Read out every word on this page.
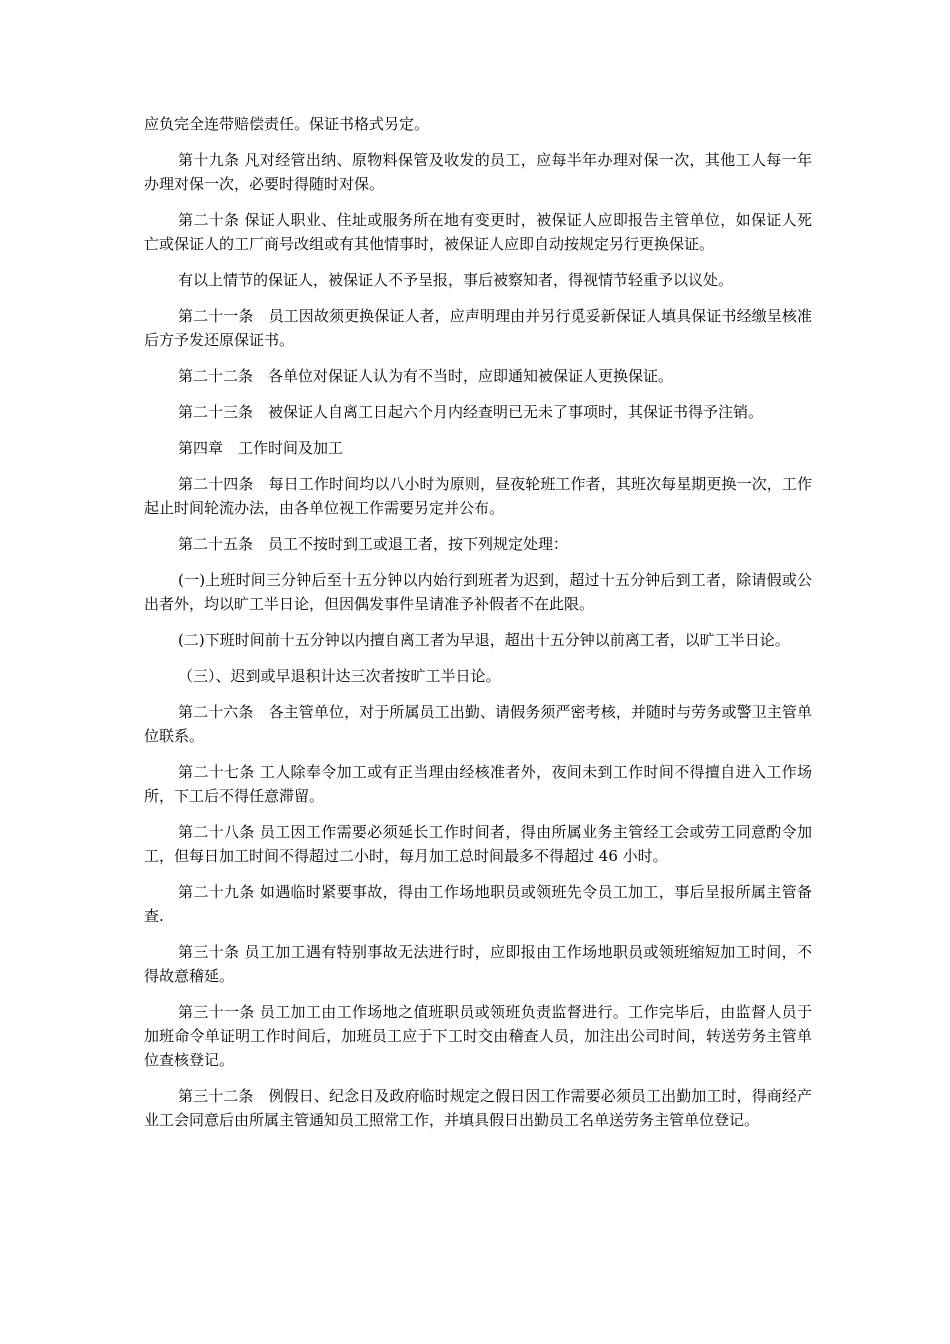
应负完全连带赔偿责任。保证书格式另定。

第十九条 凡对经管出纳、原物料保管及收发的员工，应每半年办理对保一次，其他工人每一年办理对保一次，必要时得随时对保。

第二十条 保证人职业、住址或服务所在地有变更时，被保证人应即报告主管单位，如保证人死亡或保证人的工厂商号改组或有其他情事时，被保证人应即自动按规定另行更换保证。

有以上情节的保证人，被保证人不予呈报，事后被察知者，得视情节轻重予以议处。

第二十一条　员工因故须更换保证人者，应声明理由并另行觅妥新保证人填具保证书经缴呈核准后方予发还原保证书。

第二十二条　各单位对保证人认为有不当时，应即通知被保证人更换保证。

第二十三条　被保证人自离工日起六个月内经查明已无未了事项时，其保证书得予注销。

第四章　工作时间及加工

第二十四条　每日工作时间均以八小时为原则，昼夜轮班工作者，其班次每星期更换一次，工作起止时间轮流办法，由各单位视工作需要另定并公布。

第二十五条　员工不按时到工或退工者，按下列规定处理：

(一)上班时间三分钟后至十五分钟以内始行到班者为迟到，超过十五分钟后到工者，除请假或公出者外，均以旷工半日论，但因偶发事件呈请准予补假者不在此限。

(二)下班时间前十五分钟以内擅自离工者为早退，超出十五分钟以前离工者，以旷工半日论。

（三）、迟到或早退积计达三次者按旷工半日论。

第二十六条　各主管单位，对于所属员工出勤、请假务须严密考核，并随时与劳务或警卫主管单位联系。

第二十七条 工人除奉令加工或有正当理由经核准者外，夜间未到工作时间不得擅自进入工作场所，下工后不得任意滞留。

第二十八条 员工因工作需要必须延长工作时间者，得由所属业务主管经工会或劳工同意酌令加工，但每日加工时间不得超过二小时，每月加工总时间最多不得超过 46 小时。

第二十九条 如遇临时紧要事故，得由工作场地职员或领班先令员工加工，事后呈报所属主管备查.

第三十条 员工加工遇有特别事故无法进行时，应即报由工作场地职员或领班缩短加工时间，不得故意稽延。

第三十一条 员工加工由工作场地之值班职员或领班负责监督进行。工作完毕后，由监督人员于加班命令单证明工作时间后，加班员工应于下工时交由稽查人员，加注出公司时间，转送劳务主管单位查核登记。

第三十二条　例假日、纪念日及政府临时规定之假日因工作需要必须员工出勤加工时，得商经产业工会同意后由所属主管通知员工照常工作，并填具假日出勤员工名单送劳务主管单位登记。
